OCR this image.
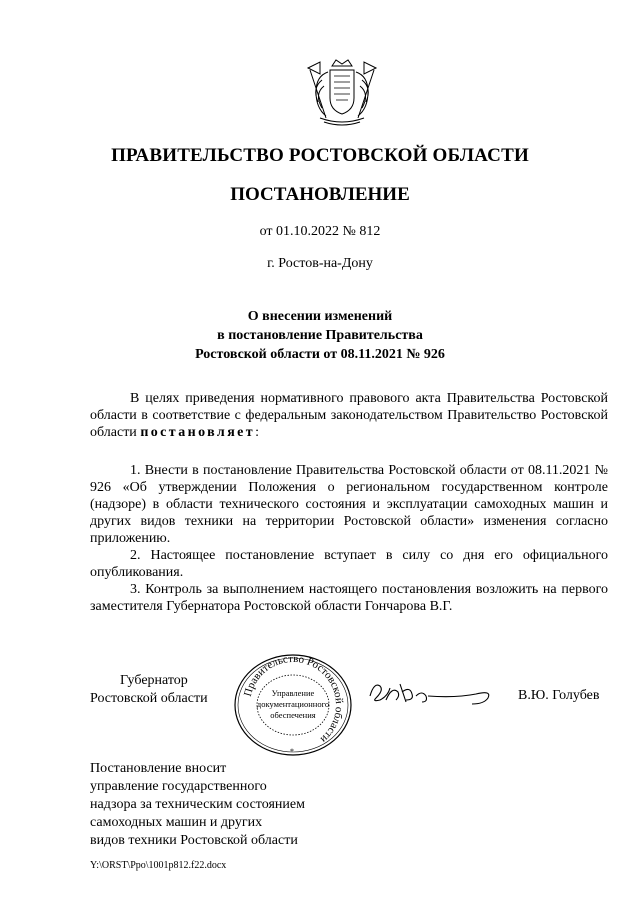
ПРАВИТЕЛЬСТВО РОСТОВСКОЙ ОБЛАСТИ
ПОСТАНОВЛЕНИЕ
от 01.10.2022 № 812
г. Ростов-на-Дону
О внесении изменений
в постановление Правительства
Ростовской области от 08.11.2021 № 926

В целях приведения нормативного правового акта Правительства Ростовской области в соответствие с федеральным законодательством Правительство Ростовской области постановляет:

1. Внести в постановление Правительства Ростовской области от 08.11.2021 № 926 «Об утверждении Положения о региональном государственном контроле (надзоре) в области технического состояния и эксплуатации самоходных машин и других видов техники на территории Ростовской области» изменения согласно приложению.

2. Настоящее постановление вступает в силу со дня его официального опубликования.

3. Контроль за выполнением настоящего постановления возложить на первого заместителя Губернатора Ростовской области Гончарова В.Г.

Губернатор
Ростовской области	Правительство Ростовской области
Управление
документационного
обеспечения
*
В.Ю. Голубев
Постановление вносит
управление государственного
надзора за техническим состоянием
самоходных машин и других
видов техники Ростовской области
Y:\ORST\Ppo\1001p812.f22.docx
